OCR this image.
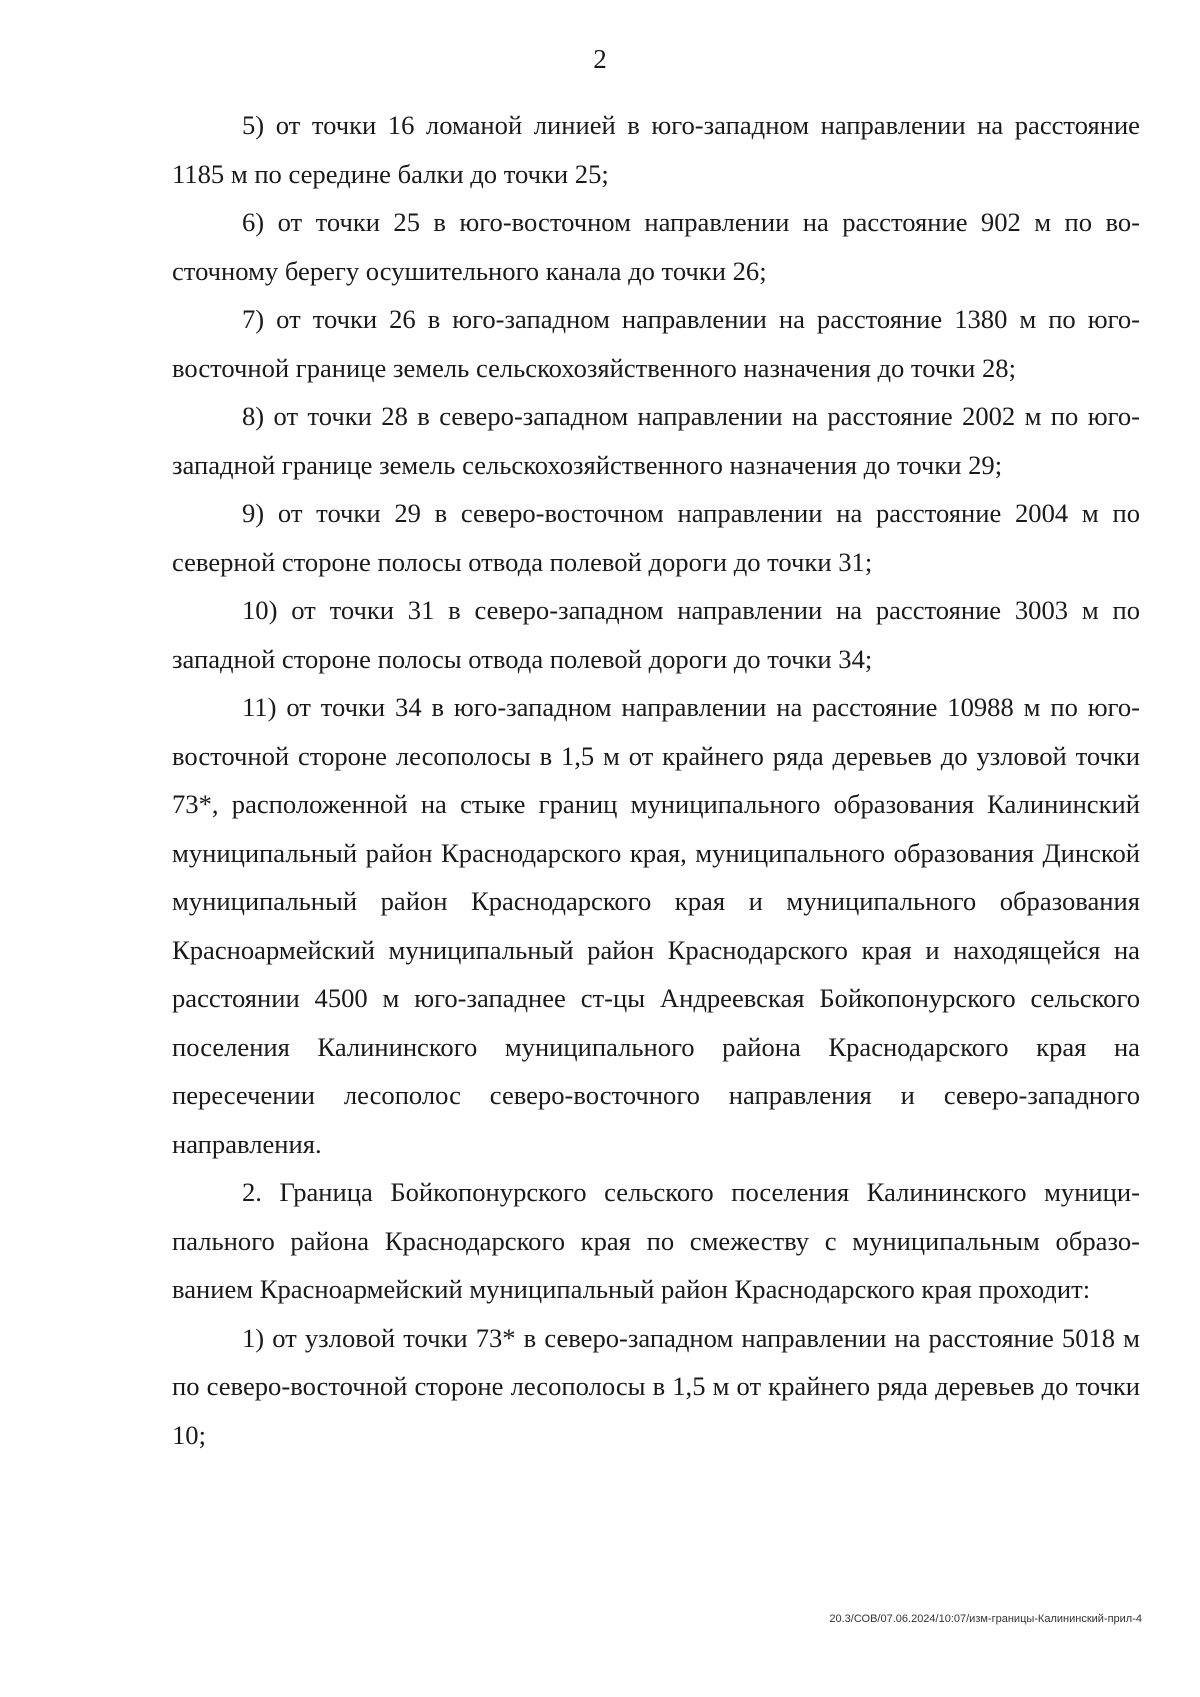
2

5) от точки 16 ломаной линией в юго-западном направлении на расстояние 1185 м по середине балки до точки 25;

6) от точки 25 в юго-восточном направлении на расстояние 902 м по восточному берегу осушительного канала до точки 26;

7) от точки 26 в юго-западном направлении на расстояние 1380 м по юго-восточной границе земель сельскохозяйственного назначения до точки 28;

8) от точки 28 в северо-западном направлении на расстояние 2002 м по юго-западной границе земель сельскохозяйственного назначения до точки 29;

9) от точки 29 в северо-восточном направлении на расстояние 2004 м по северной стороне полосы отвода полевой дороги до точки 31;

10) от точки 31 в северо-западном направлении на расстояние 3003 м по западной стороне полосы отвода полевой дороги до точки 34;

11) от точки 34 в юго-западном направлении на расстояние 10988 м по юго-восточной стороне лесополосы в 1,5 м от крайнего ряда деревьев до узловой точки 73*, расположенной на стыке границ муниципального образования Калининский муниципальный район Краснодарского края, муниципального образования Динской муниципальный район Краснодарского края и муниципального образования Красноармейский муниципальный район Краснодарского края и находящейся на расстоянии 4500 м юго-западнее ст-цы Андреевская Бойкопонурского сельского поселения Калининского муниципального района Краснодарского края на пересечении лесополос северо-восточного направления и северо-западного направления.

2. Граница Бойкопонурского сельского поселения Калининского муниципального района Краснодарского края по смежеству с муниципальным образованием Красноармейский муниципальный район Краснодарского края проходит:

1) от узловой точки 73* в северо-западном направлении на расстояние 5018 м по северо-восточной стороне лесополосы в 1,5 м от крайнего ряда деревьев до точки 10;

20.3/СОВ/07.06.2024/10:07/изм-границы-Калининский-прил-4
